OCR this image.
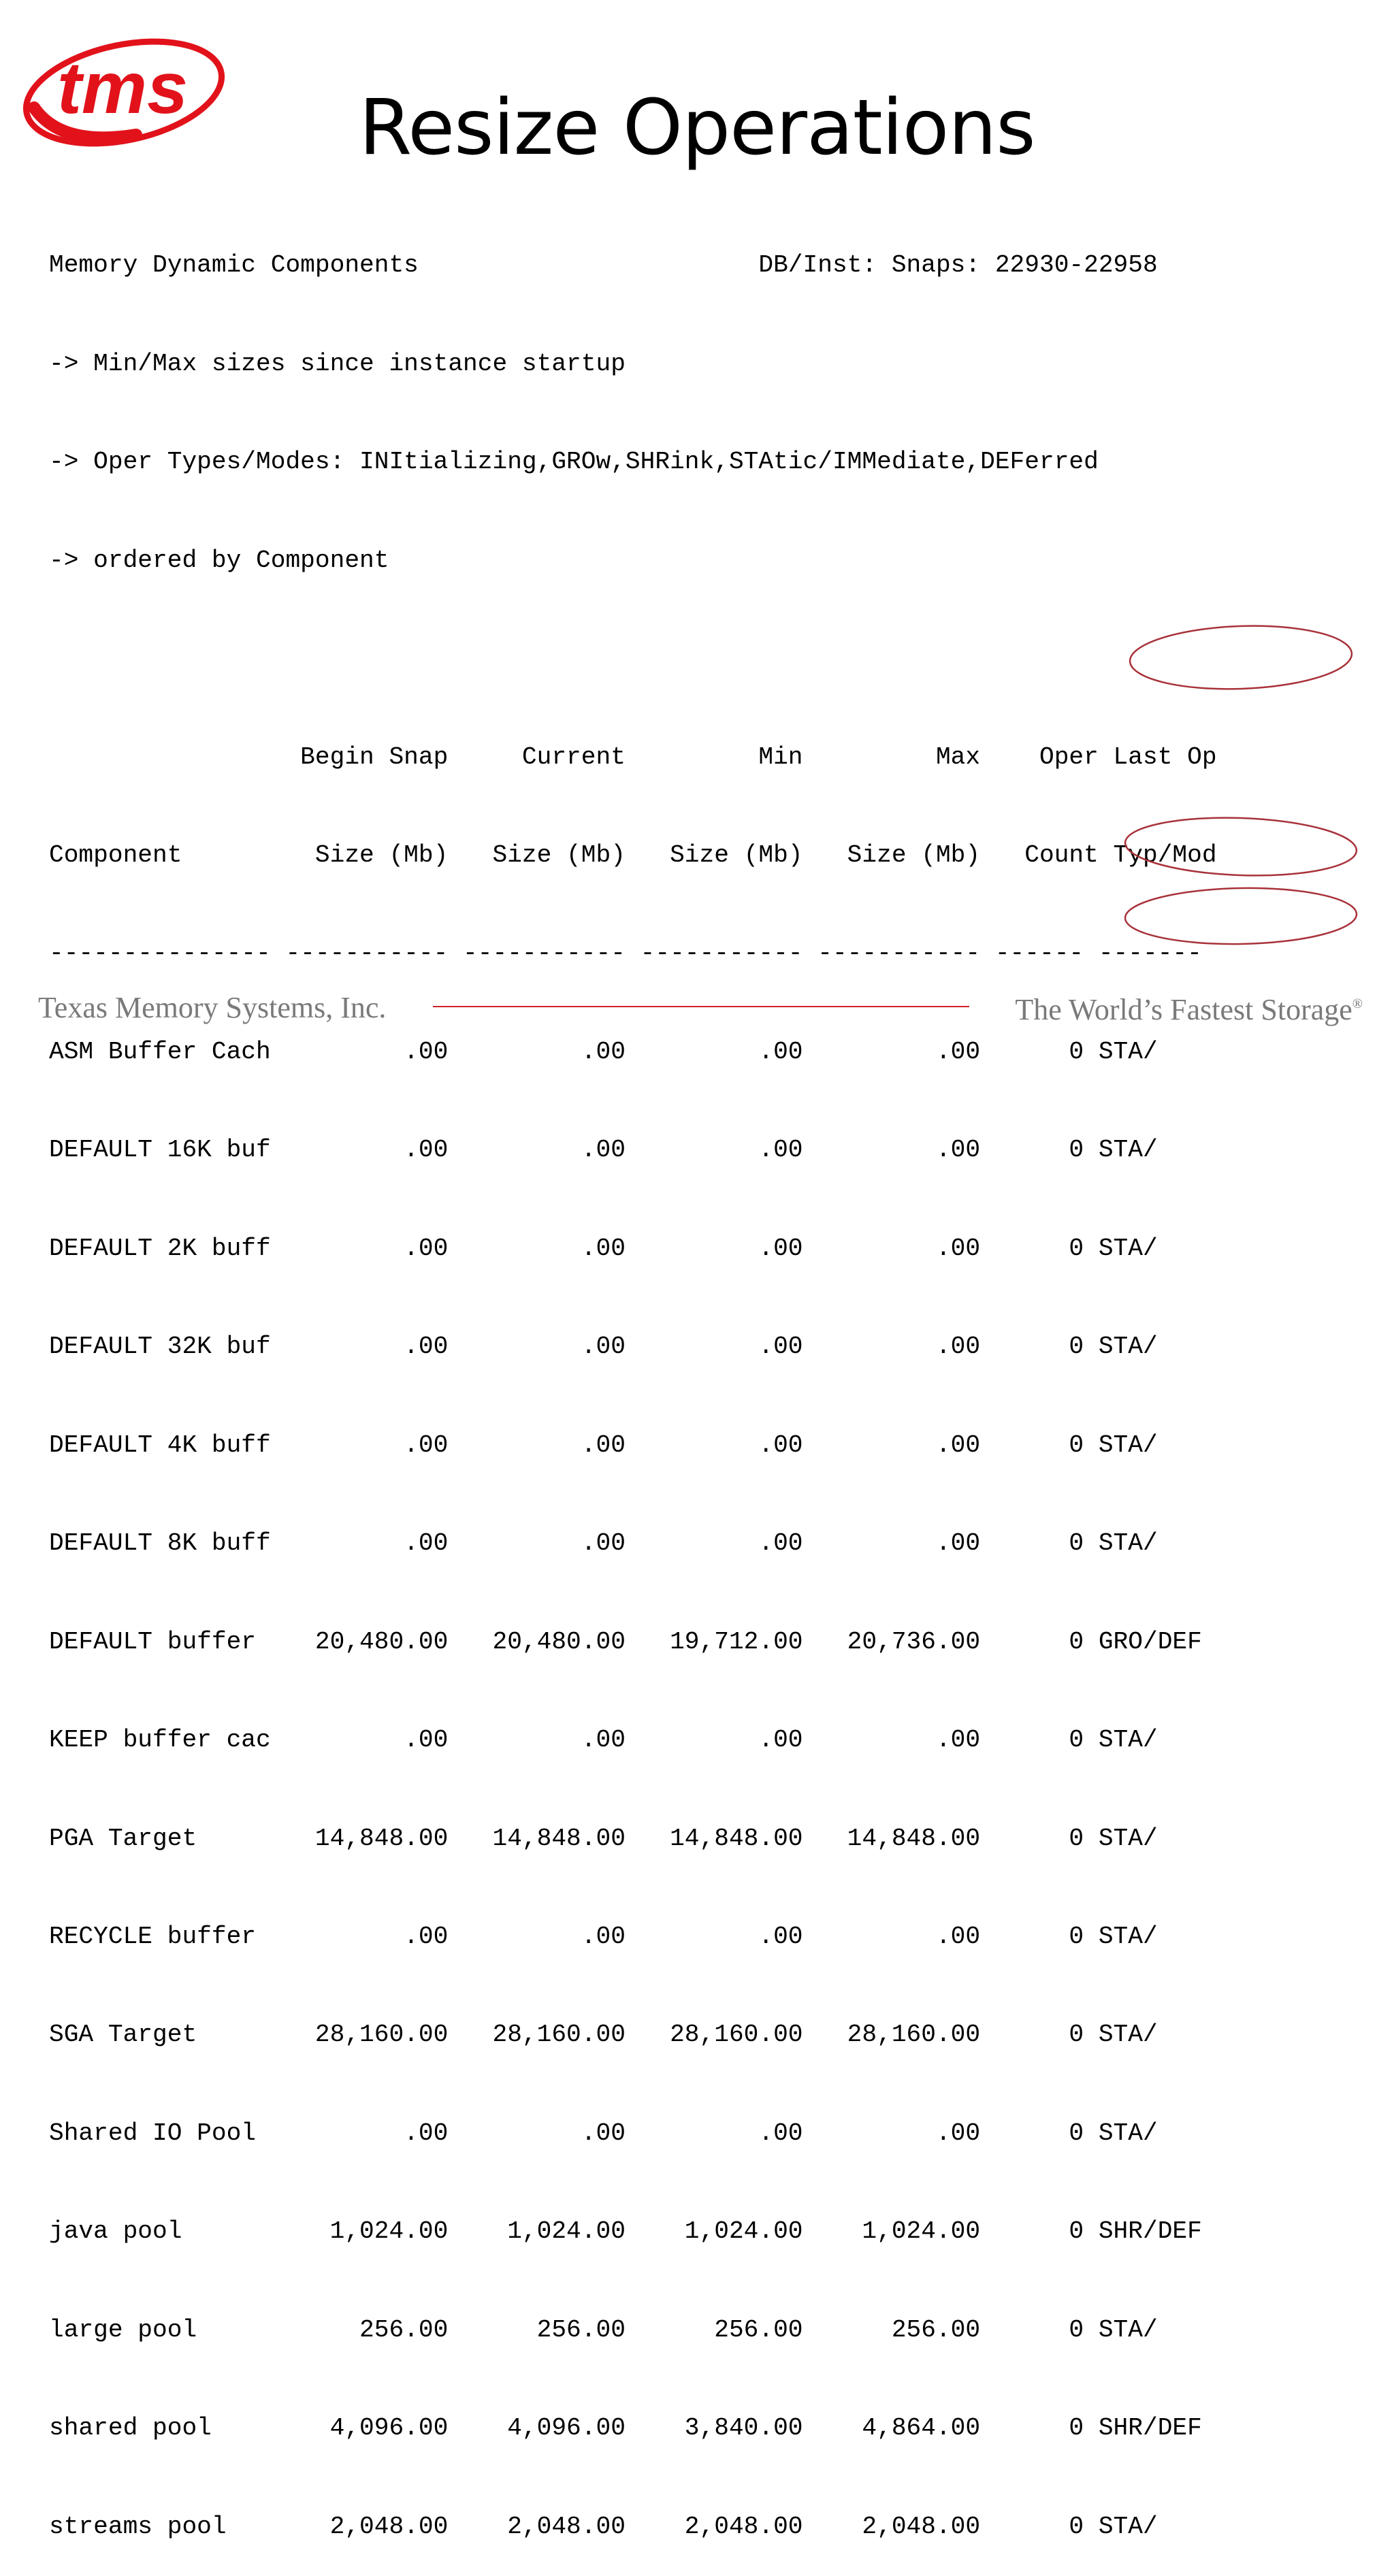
tms	Resize Operations

Memory Dynamic Components                       DB/Inst: Snaps: 22930-22958

-> Min/Max sizes since instance startup

-> Oper Types/Modes: INItializing,GROw,SHRink,STAtic/IMMediate,DEFerred

-> ordered by Component

Begin Snap     Current         Min         Max    Oper Last Op

Component         Size (Mb)   Size (Mb)   Size (Mb)   Size (Mb)   Count Typ/Mod

--------------- ----------- ----------- ----------- ----------- ------ -------

ASM Buffer Cach         .00         .00         .00         .00      0 STA/

DEFAULT 16K buf         .00         .00         .00         .00      0 STA/

DEFAULT 2K buff         .00         .00         .00         .00      0 STA/

DEFAULT 32K buf         .00         .00         .00         .00      0 STA/

DEFAULT 4K buff         .00         .00         .00         .00      0 STA/

DEFAULT 8K buff         .00         .00         .00         .00      0 STA/

DEFAULT buffer    20,480.00   20,480.00   19,712.00   20,736.00      0 GRO/DEF

KEEP buffer cac         .00         .00         .00         .00      0 STA/

PGA Target        14,848.00   14,848.00   14,848.00   14,848.00      0 STA/

RECYCLE buffer          .00         .00         .00         .00      0 STA/

SGA Target        28,160.00   28,160.00   28,160.00   28,160.00      0 STA/

Shared IO Pool          .00         .00         .00         .00      0 STA/

java pool          1,024.00    1,024.00    1,024.00    1,024.00      0 SHR/DEF

large pool           256.00      256.00      256.00      256.00      0 STA/

shared pool        4,096.00    4,096.00    3,840.00    4,864.00      0 SHR/DEF

streams pool       2,048.00    2,048.00    2,048.00    2,048.00      0 STA/

Texas Memory Systems, Inc.	The World’s Fastest Storage®
